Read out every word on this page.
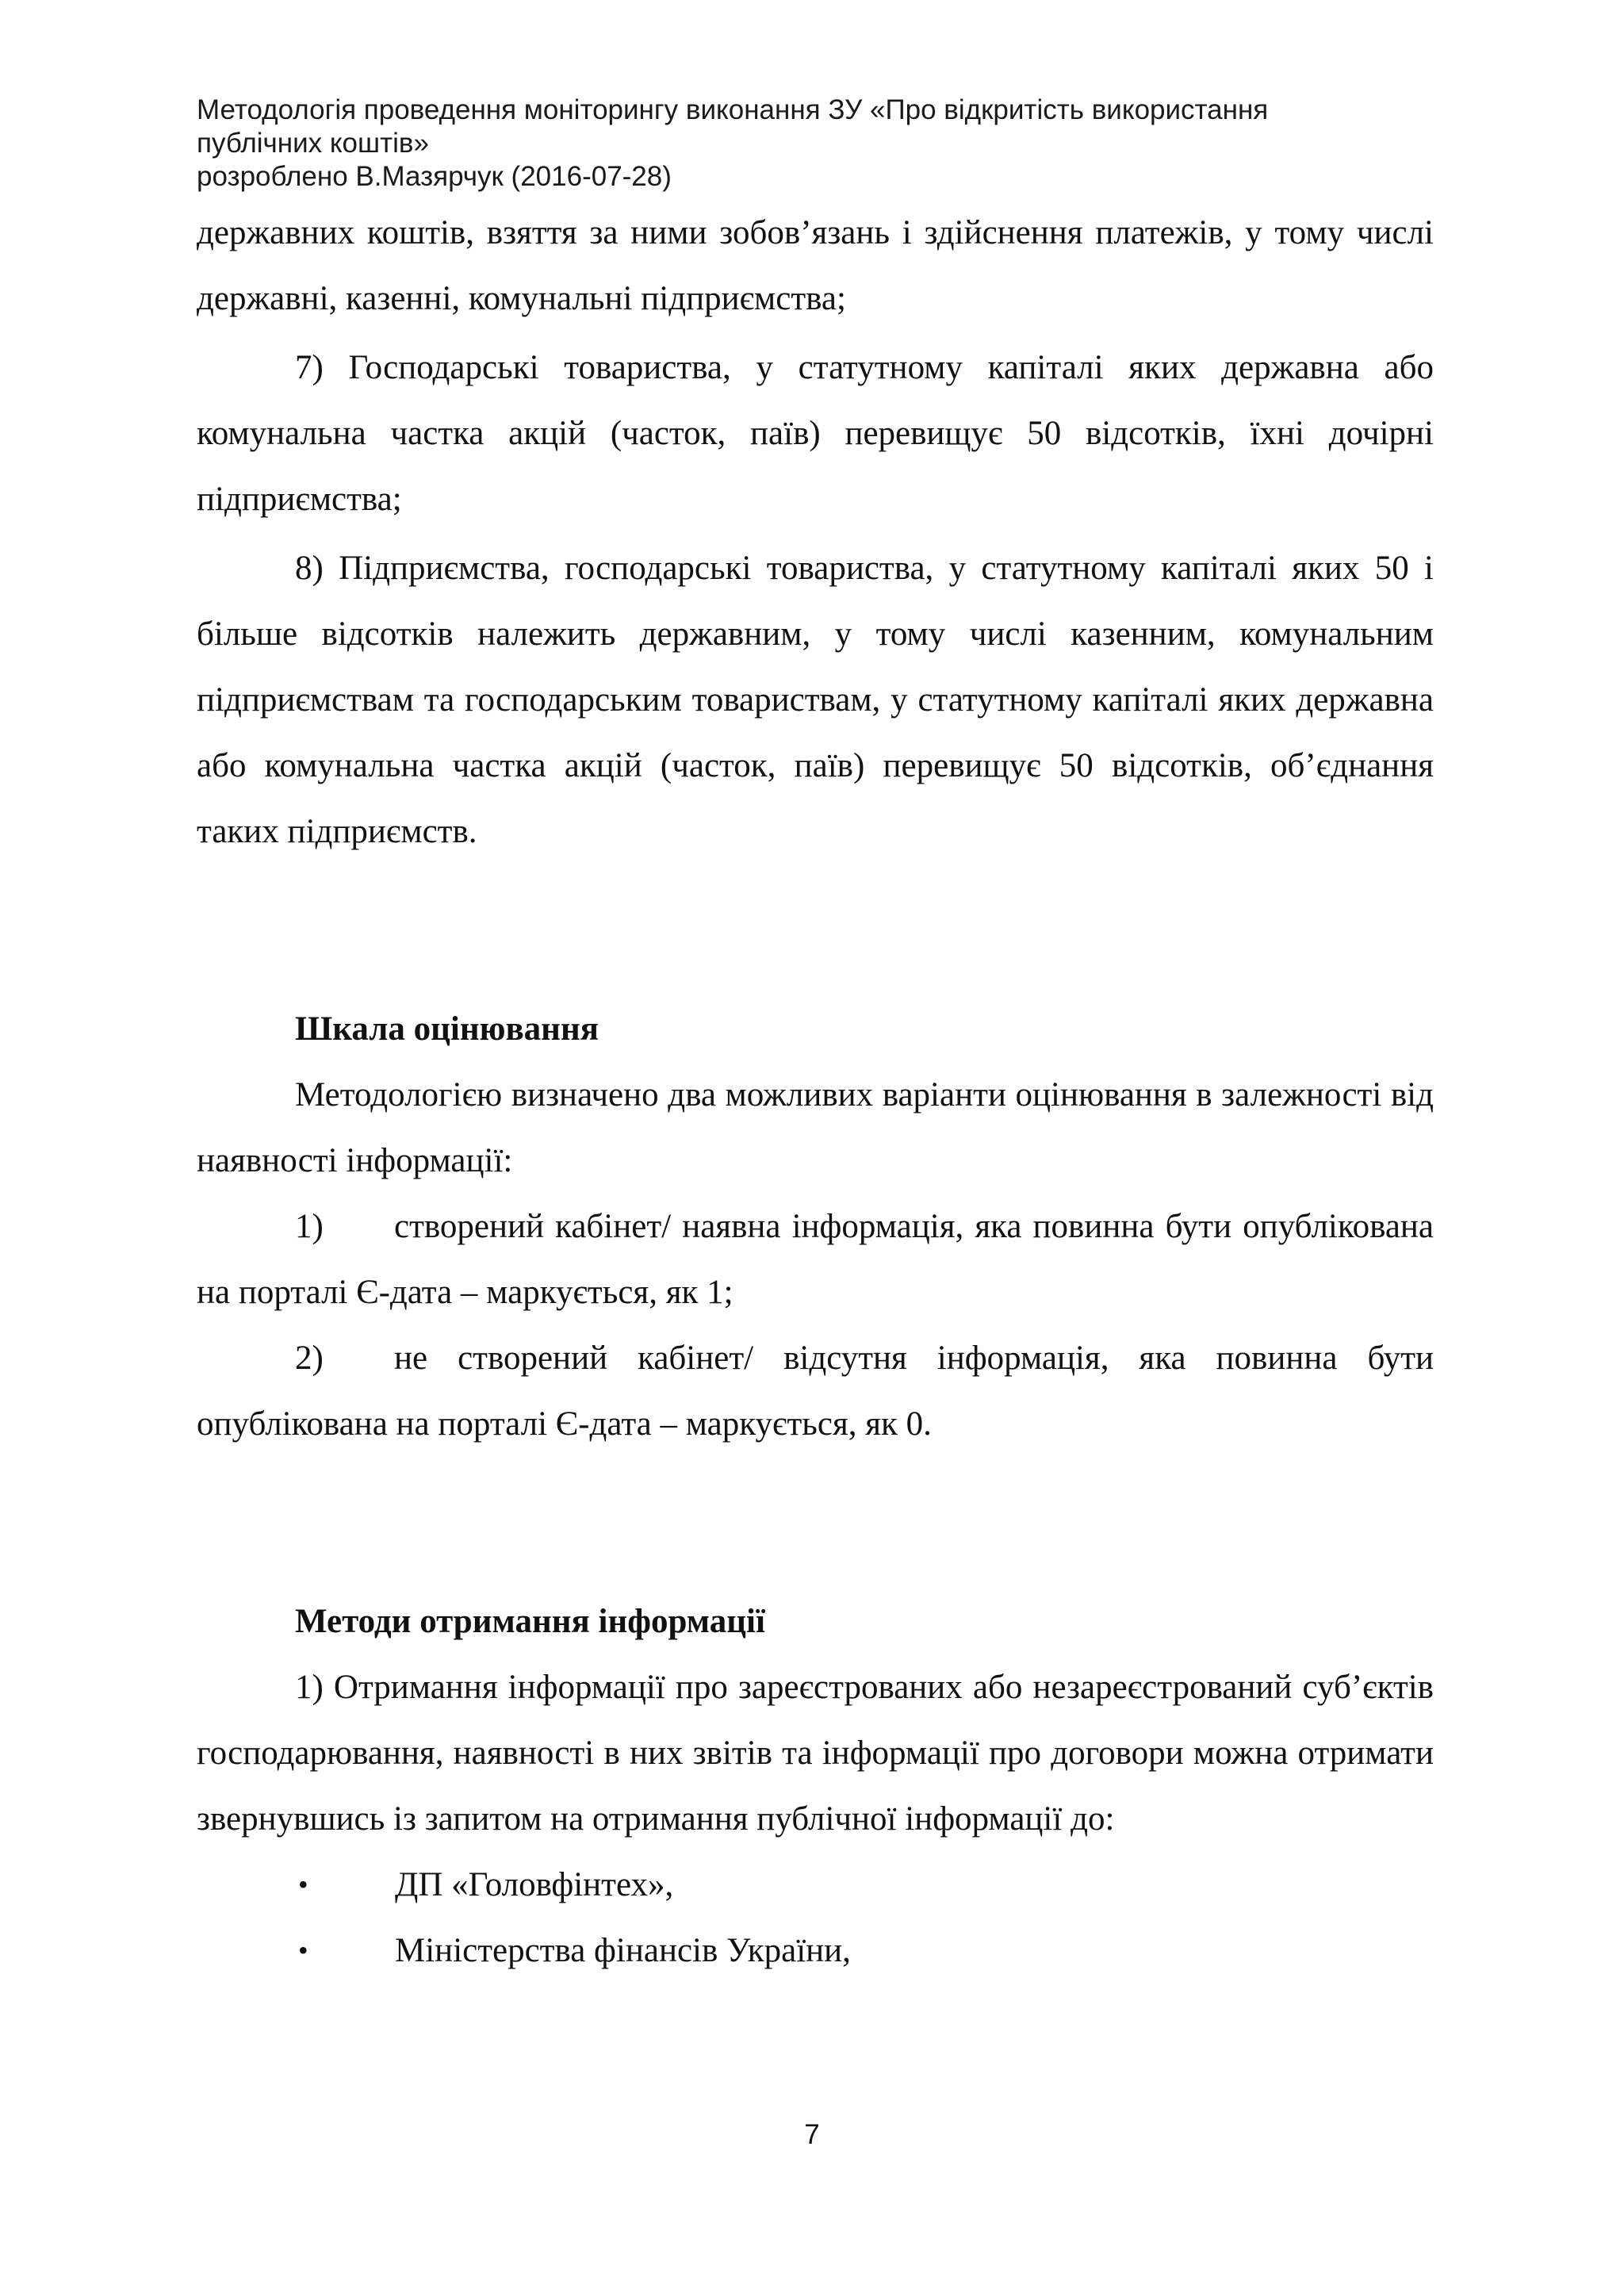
Методологія проведення моніторингу виконання ЗУ «Про відкритість використання
публічних коштів»
розроблено В.Мазярчук (2016-07-28)

державних коштів, взяття за ними зобов’язань і здійснення платежів, у тому числі державні, казенні, комунальні підприємства;

7) Господарські товариства, у статутному капіталі яких державна або комунальна частка акцій (часток, паїв) перевищує 50 відсотків, їхні дочірні підприємства;

8) Підприємства, господарські товариства, у статутному капіталі яких 50 і більше відсотків належить державним, у тому числі казенним, комунальним підприємствам та господарським товариствам, у статутному капіталі яких державна або комунальна частка акцій (часток, паїв) перевищує 50 відсотків, об’єднання таких підприємств.

Шкала оцінювання

Методологією визначено два можливих варіанти оцінювання в залежності від наявності інформації:

1) створений кабінет/ наявна інформація, яка повинна бути опублікована на порталі Є-дата – маркується, як 1;

2) не створений кабінет/ відсутня інформація, яка повинна бути опублікована на порталі Є-дата – маркується, як 0.

Методи отримання інформації

1) Отримання інформації про зареєстрованих або незареєстрований суб’єктів господарювання, наявності в них звітів та інформації про договори можна отримати звернувшись із запитом на отримання публічної інформації до:

•	ДП «Головфінтех»,
•	Міністерства фінансів України,
7
